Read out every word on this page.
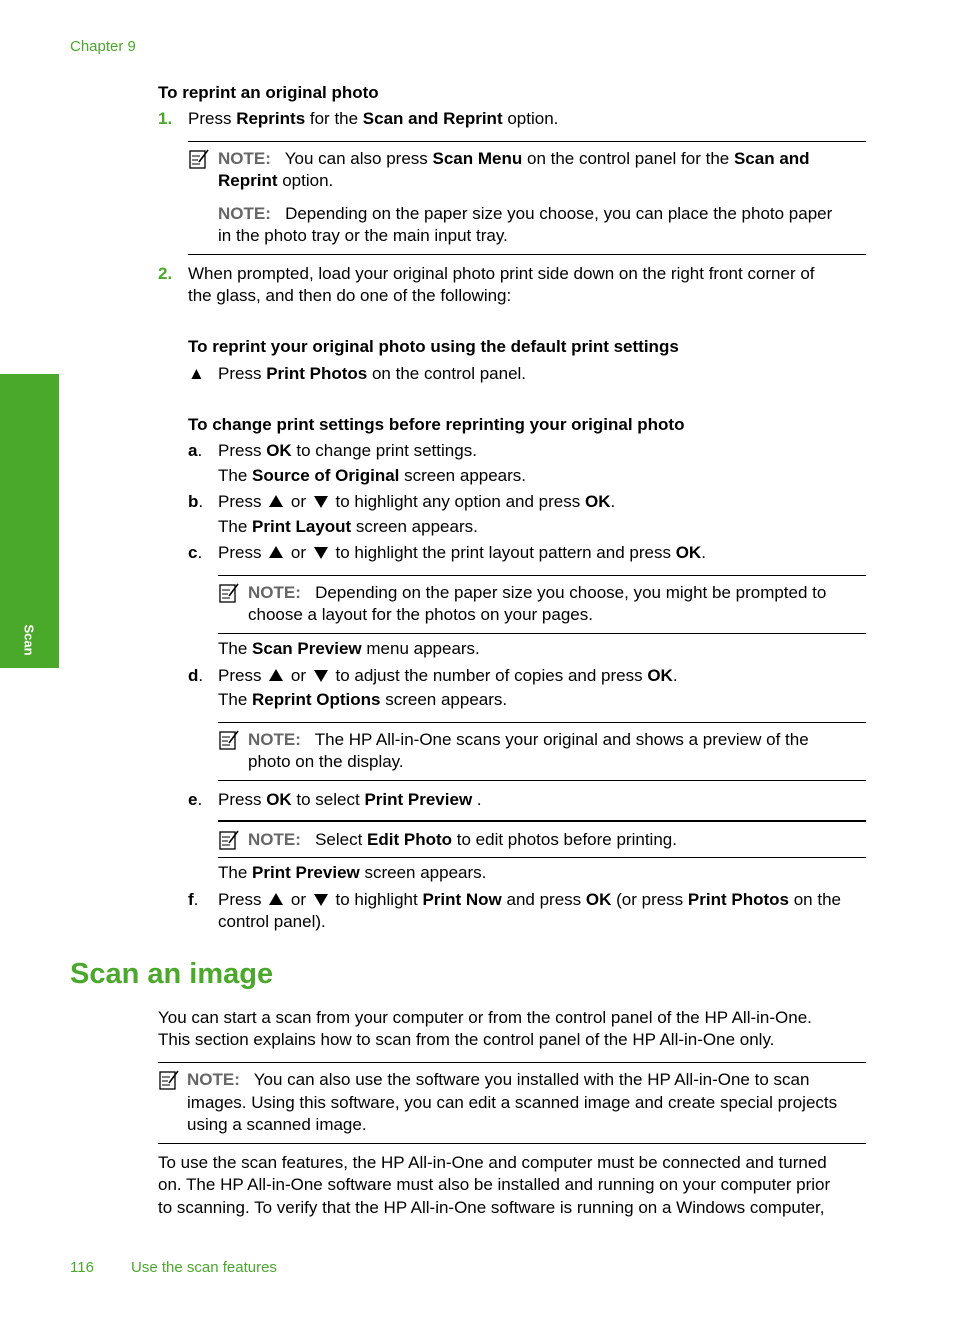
Chapter 9
Scan
To reprint an original photo
1. Press Reprints for the Scan and Reprint option.
NOTE: You can also press Scan Menu on the control panel for the Scan and
Reprint option.
NOTE: Depending on the paper size you choose, you can place the photo paper
in the photo tray or the main input tray.
2. When prompted, load your original photo print side down on the right front corner of
the glass, and then do one of the following:
To reprint your original photo using the default print settings
▲ Press Print Photos on the control panel.
To change print settings before reprinting your original photo
a. Press OK to change print settings.
The Source of Original screen appears.
b. Press  or  to highlight any option and press OK.
The Print Layout screen appears.
c. Press  or  to highlight the print layout pattern and press OK.
NOTE: Depending on the paper size you choose, you might be prompted to
choose a layout for the photos on your pages.
The Scan Preview menu appears.
d. Press  or  to adjust the number of copies and press OK.
The Reprint Options screen appears.
NOTE: The HP All-in-One scans your original and shows a preview of the
photo on the display.
e. Press OK to select Print Preview .
NOTE: Select Edit Photo to edit photos before printing.
The Print Preview screen appears.
f. Press  or  to highlight Print Now and press OK (or press Print Photos on the
control panel).
Scan an image
You can start a scan from your computer or from the control panel of the HP All-in-One.
This section explains how to scan from the control panel of the HP All-in-One only.
NOTE: You can also use the software you installed with the HP All-in-One to scan
images. Using this software, you can edit a scanned image and create special projects
using a scanned image.
To use the scan features, the HP All-in-One and computer must be connected and turned
on. The HP All-in-One software must also be installed and running on your computer prior
to scanning. To verify that the HP All-in-One software is running on a Windows computer,
116 Use the scan features
